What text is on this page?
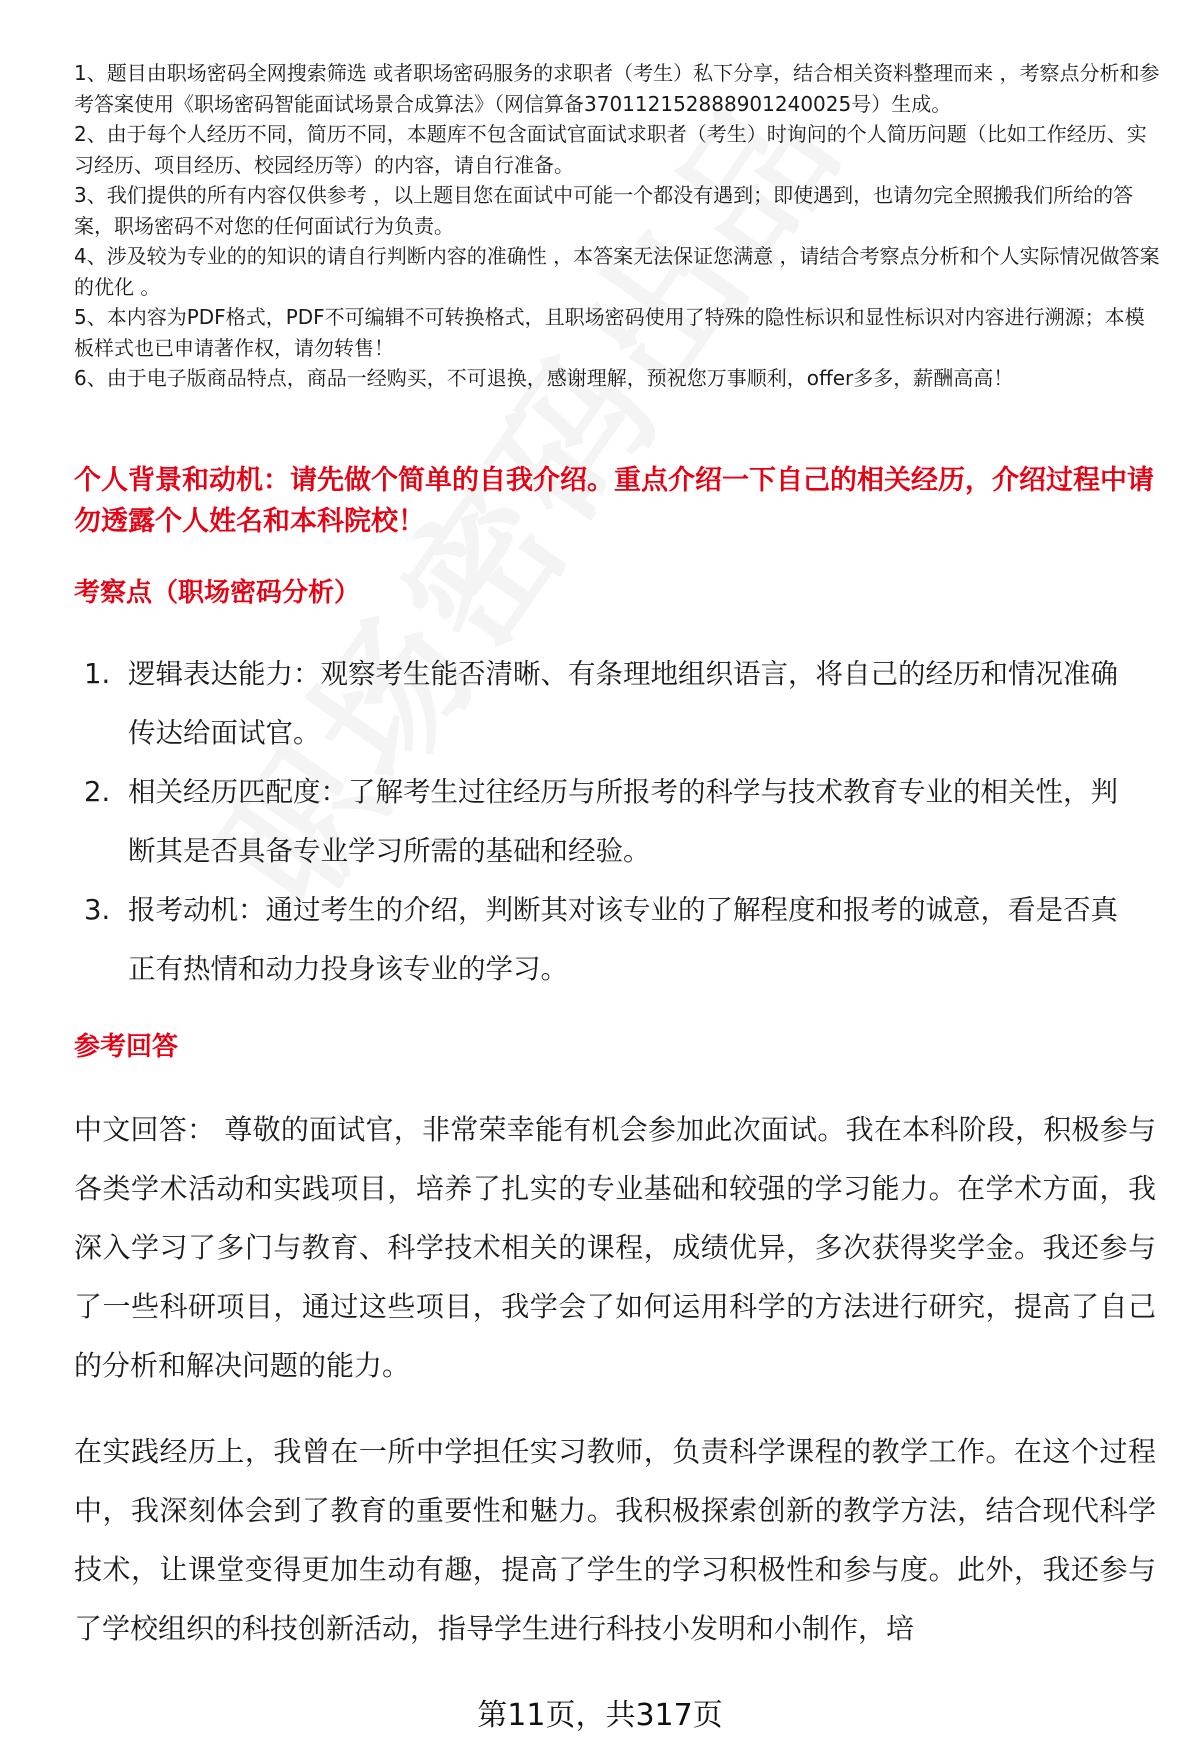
1、题目由职场密码全网搜索筛选 或者职场密码服务的求职者（考生）私下分享，结合相关资料整理而来 ，考察点分析和参考答案使用《职场密码智能面试场景合成算法》（网信算备370112152888901240025号）生成。

2、由于每个人经历不同，简历不同，本题库不包含面试官面试求职者（考生）时询问的个人简历问题（比如工作经历、实习经历、项目经历、校园经历等）的内容，请自行准备。

3、我们提供的所有内容仅供参考 ，以上题目您在面试中可能一个都没有遇到；即使遇到，也请勿完全照搬我们所给的答案，职场密码不对您的任何面试行为负责。

4、涉及较为专业的的知识的请自行判断内容的准确性 ，本答案无法保证您满意 ，请结合考察点分析和个人实际情况做答案的优化 。

5、本内容为PDF格式，PDF不可编辑不可转换格式，且职场密码使用了特殊的隐性标识和显性标识对内容进行溯源；本模板样式也已申请著作权，请勿转售！

6、由于电子版商品特点，商品一经购买，不可退换，感谢理解，预祝您万事顺利，offer多多，薪酬高高！

个人背景和动机：请先做个简单的自我介绍。重点介绍一下自己的相关经历，介绍过程中请勿透露个人姓名和本科院校！
考察点（职场密码分析）
1. 逻辑表达能力：观察考生能否清晰、有条理地组织语言，将自己的经历和情况准确传达给面试官。
2. 相关经历匹配度：了解考生过往经历与所报考的科学与技术教育专业的相关性，判断其是否具备专业学习所需的基础和经验。
3. 报考动机：通过考生的介绍，判断其对该专业的了解程度和报考的诚意，看是否真正有热情和动力投身该专业的学习。
参考回答

中文回答： 尊敬的面试官，非常荣幸能有机会参加此次面试。我在本科阶段，积极参与各类学术活动和实践项目，培养了扎实的专业基础和较强的学习能力。在学术方面，我深入学习了多门与教育、科学技术相关的课程，成绩优异，多次获得奖学金。我还参与了一些科研项目，通过这些项目，我学会了如何运用科学的方法进行研究，提高了自己的分析和解决问题的能力。

在实践经历上，我曾在一所中学担任实习教师，负责科学课程的教学工作。在这个过程中，我深刻体会到了教育的重要性和魅力。我积极探索创新的教学方法，结合现代科学技术，让课堂变得更加生动有趣，提高了学生的学习积极性和参与度。此外，我还参与了学校组织的科技创新活动，指导学生进行科技小发明和小制作，培

第11页，共317页
